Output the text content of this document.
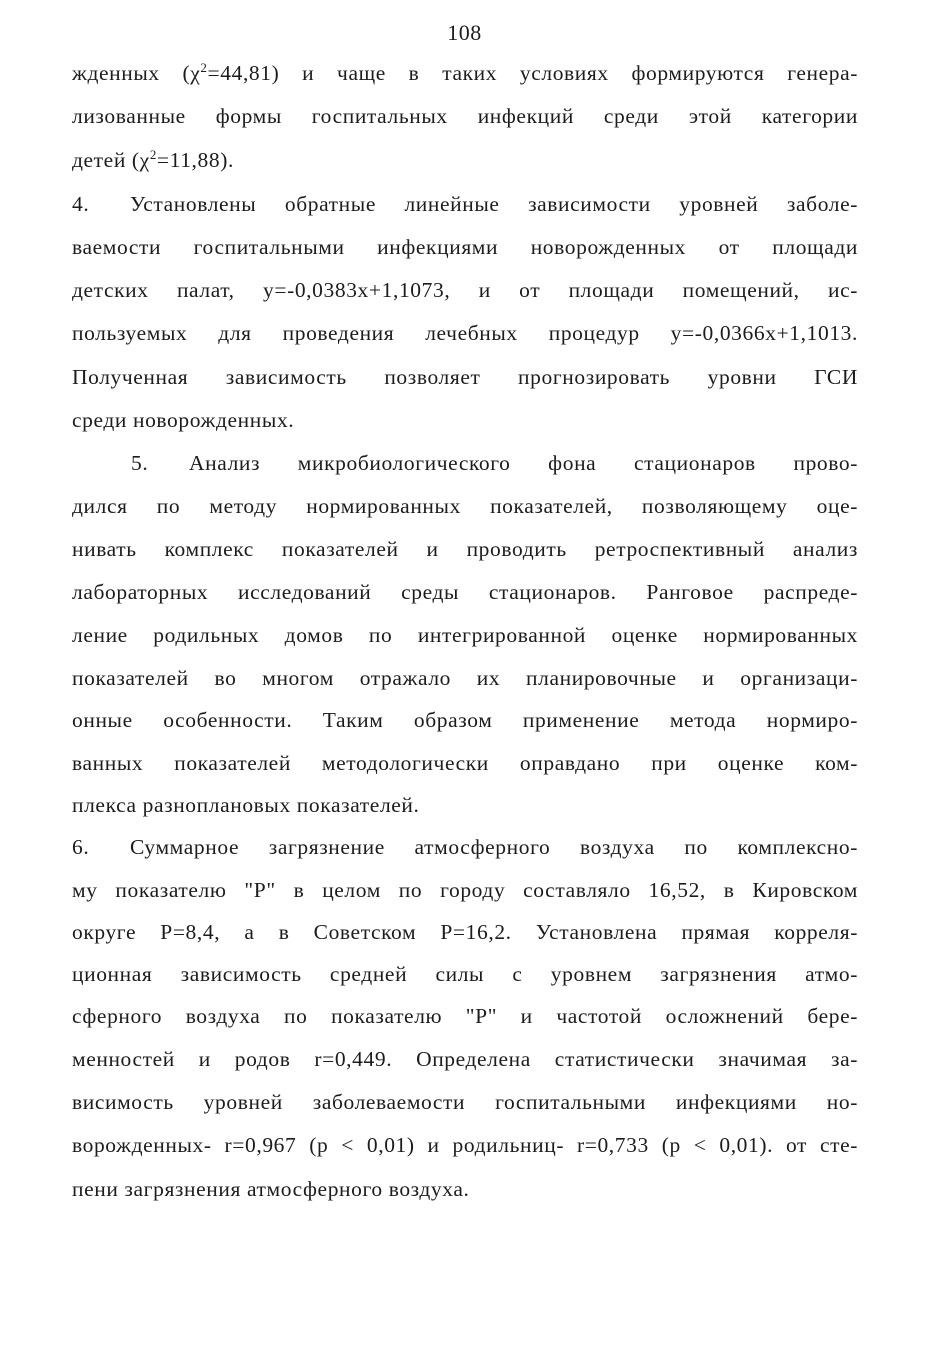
108
жденных $(\chi^2=44,81)$ и чаще в таких условиях формируются генера-
лизованные формы госпитальных инфекций среди этой категории
детей $(\chi^2=11,88)$.
4. Установлены обратные линейные зависимости уровней заболе-
ваемости госпитальными инфекциями новорожденных от площади
детских палат, у=-0,0383х+1,1073, и от площади помещений, ис-
пользуемых для проведения лечебных процедур у=-0,0366х+1,1013.
Полученная зависимость позволяет прогнозировать уровни ГСИ
среди новорожденных.
5. Анализ микробиологического фона стационаров прово-
дился по методу нормированных показателей, позволяющему оце-
нивать комплекс показателей и проводить ретроспективный анализ
лабораторных исследований среды стационаров. Ранговое распреде-
ление родильных домов по интегрированной оценке нормированных
показателей во многом отражало их планировочные и организаци-
онные особенности. Таким образом применение метода нормиро-
ванных показателей методологически оправдано при оценке ком-
плекса разноплановых показателей.
6. Суммарное загрязнение атмосферного воздуха по комплексно-
му показателю "Р" в целом по городу составляло 16,52, в Кировском
округе Р=8,4, а в Советском Р=16,2. Установлена прямая корреля-
ционная зависимость средней силы с уровнем загрязнения атмо-
сферного воздуха по показателю "Р" и частотой осложнений бере-
менностей и родов r=0,449. Определена статистически значимая за-
висимость уровней заболеваемости госпитальными инфекциями но-
ворожденных- r=0,967 (р < 0,01) и родильниц- r=0,733 (р < 0,01). от сте-
пени загрязнения атмосферного воздуха.
